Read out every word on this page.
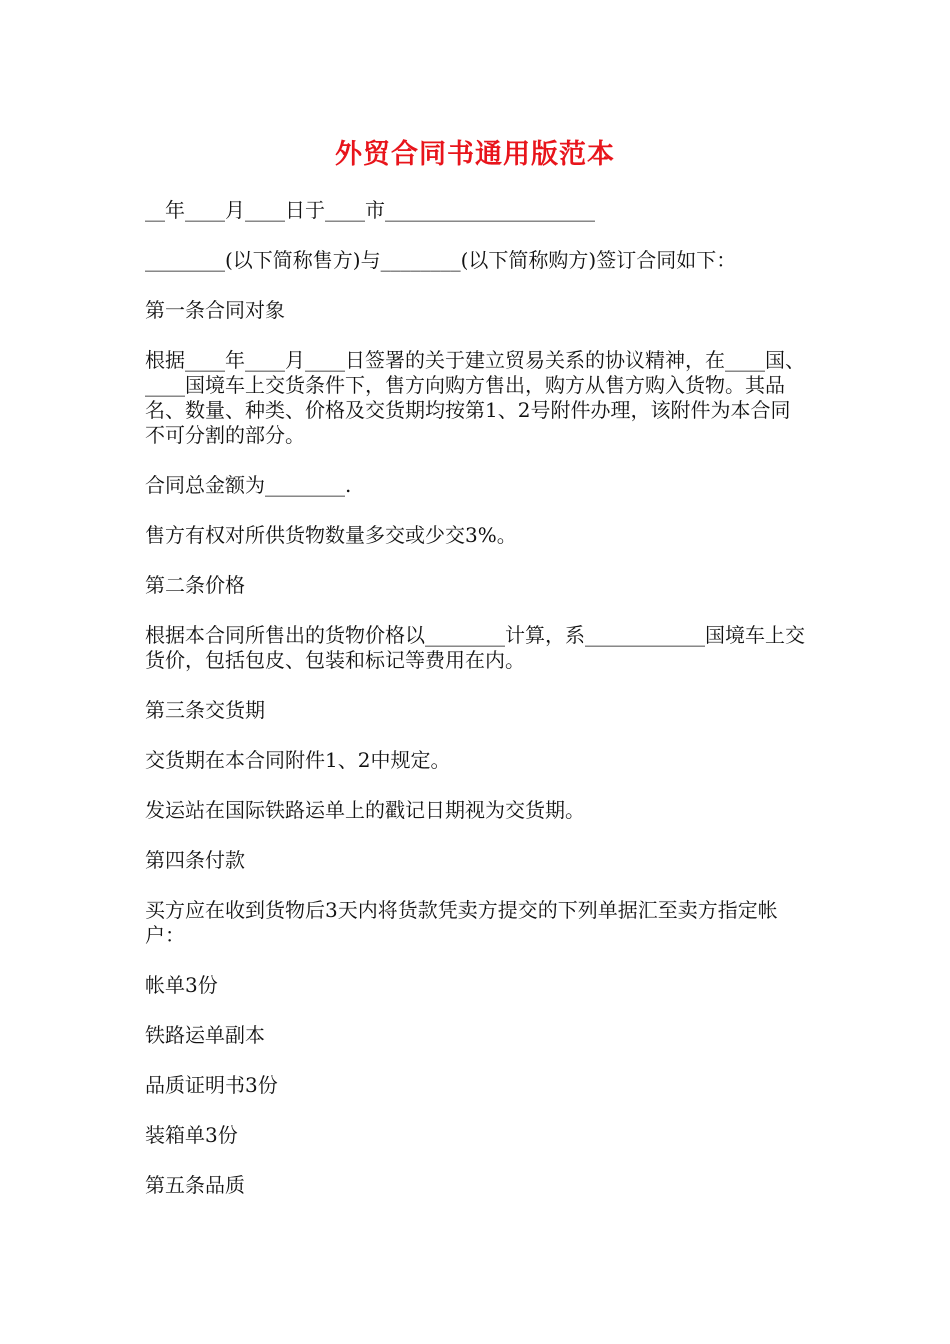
外贸合同书通用版范本

__年____月____日于____市_____________________

________(以下简称售方)与________(以下简称购方)签订合同如下：

第一条合同对象

根据____年____月____日签署的关于建立贸易关系的协议精神，在____国、____国境车上交货条件下，售方向购方售出，购方从售方购入货物。其品名、数量、种类、价格及交货期均按第1、2号附件办理，该附件为本合同不可分割的部分。

合同总金额为________.

售方有权对所供货物数量多交或少交3%。

第二条价格

根据本合同所售出的货物价格以________计算，系____________国境车上交货价，包括包皮、包装和标记等费用在内。

第三条交货期

交货期在本合同附件1、2中规定。

发运站在国际铁路运单上的戳记日期视为交货期。

第四条付款

买方应在收到货物后3天内将货款凭卖方提交的下列单据汇至卖方指定帐户：

帐单3份

铁路运单副本

品质证明书3份

装箱单3份

第五条品质
